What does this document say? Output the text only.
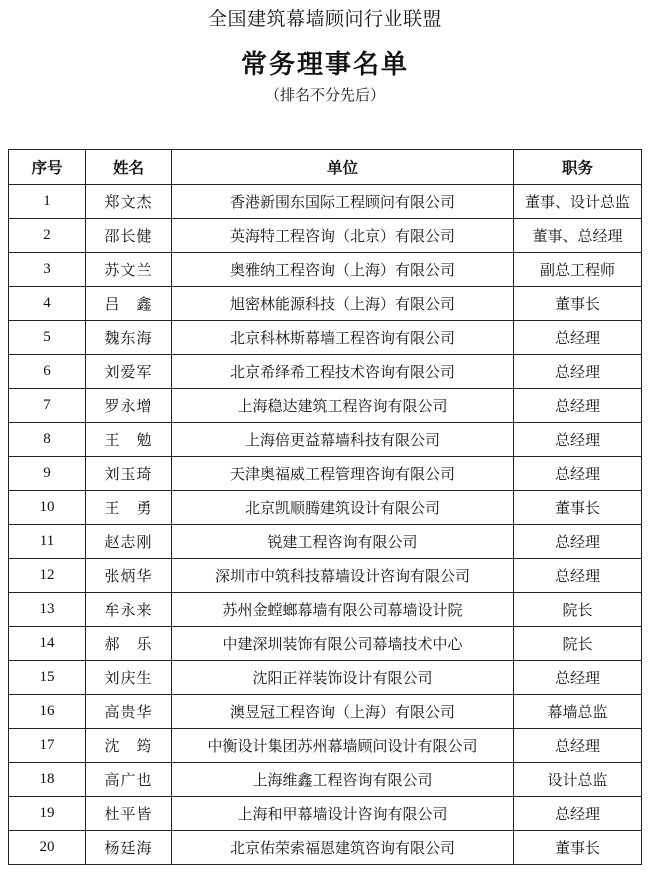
全国建筑幕墙顾问行业联盟
常务理事名单
（排名不分先后）
序号	姓名	单位	职务
1	郑文杰	香港新围东国际工程顾问有限公司	董事、设计总监
2	邵长健	英海特工程咨询（北京）有限公司	董事、总经理
3	苏文兰	奥雅纳工程咨询（上海）有限公司	副总工程师
4	吕　鑫	旭密林能源科技（上海）有限公司	董事长
5	魏东海	北京科林斯幕墙工程咨询有限公司	总经理
6	刘爱军	北京希绎希工程技术咨询有限公司	总经理
7	罗永增	上海稳达建筑工程咨询有限公司	总经理
8	王　勉	上海倍更益幕墙科技有限公司	总经理
9	刘玉琦	天津奥福威工程管理咨询有限公司	总经理
10	王　勇	北京凯顺腾建筑设计有限公司	董事长
11	赵志刚	锐建工程咨询有限公司	总经理
12	张炳华	深圳市中筑科技幕墙设计咨询有限公司	总经理
13	牟永来	苏州金螳螂幕墙有限公司幕墙设计院	院长
14	郝　乐	中建深圳装饰有限公司幕墙技术中心	院长
15	刘庆生	沈阳正祥装饰设计有限公司	总经理
16	高贵华	澳昱冠工程咨询（上海）有限公司	幕墙总监
17	沈　筠	中衡设计集团苏州幕墙顾问设计有限公司	总经理
18	高广也	上海维鑫工程咨询有限公司	设计总监
19	杜平皆	上海和甲幕墙设计咨询有限公司	总经理
20	杨廷海	北京佑荣索福恩建筑咨询有限公司	董事长
